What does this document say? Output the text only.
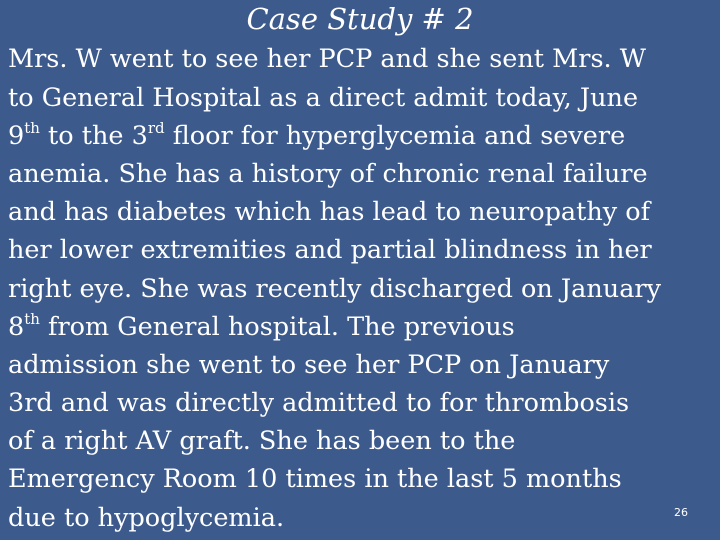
Case Study # 2
Mrs. W went to see her PCP and she sent Mrs. W
to General Hospital as a direct admit today, June
9th to the 3rd floor for hyperglycemia and severe
anemia. She has a history of chronic renal failure
and has diabetes which has lead to neuropathy of
her lower extremities and partial blindness in her
right eye. She was recently discharged on January
8th from General hospital. The previous
admission she went to see her PCP on January
3rd and was directly admitted to for thrombosis
of a right AV graft. She has been to the
Emergency Room 10 times in the last 5 months
due to hypoglycemia.	26
